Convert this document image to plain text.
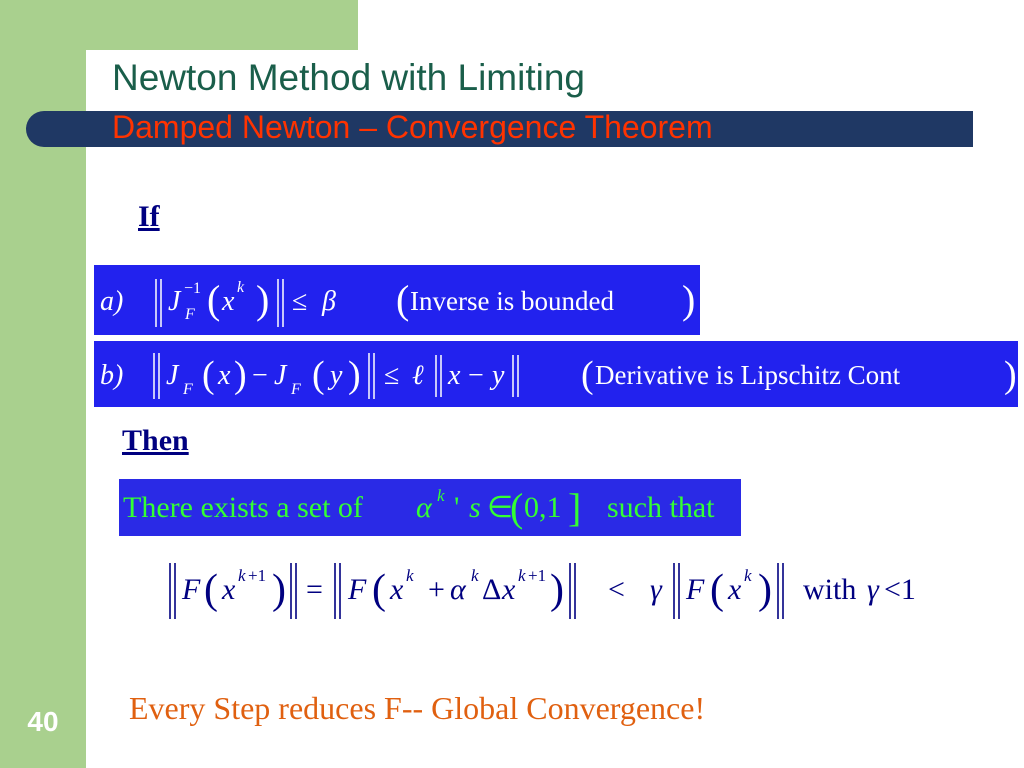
Newton Method with Limiting
Damped Newton – Convergence Theorem
If
a) J −1
F ( x k ) ≤ β ( Inverse is bounded )
b) J F ( x ) − J F ( y ) ≤ ℓ x − y ( Derivative is Lipschitz Cont	)
Then
There exists a set of α k ' s ∈
( 0,1 ] such that
F ( x k +1 ) = F ( x k + α k Δ x k +1 ) < γ F ( x k ) with γ <1
Every Step reduces F-- Global Convergence!
40
